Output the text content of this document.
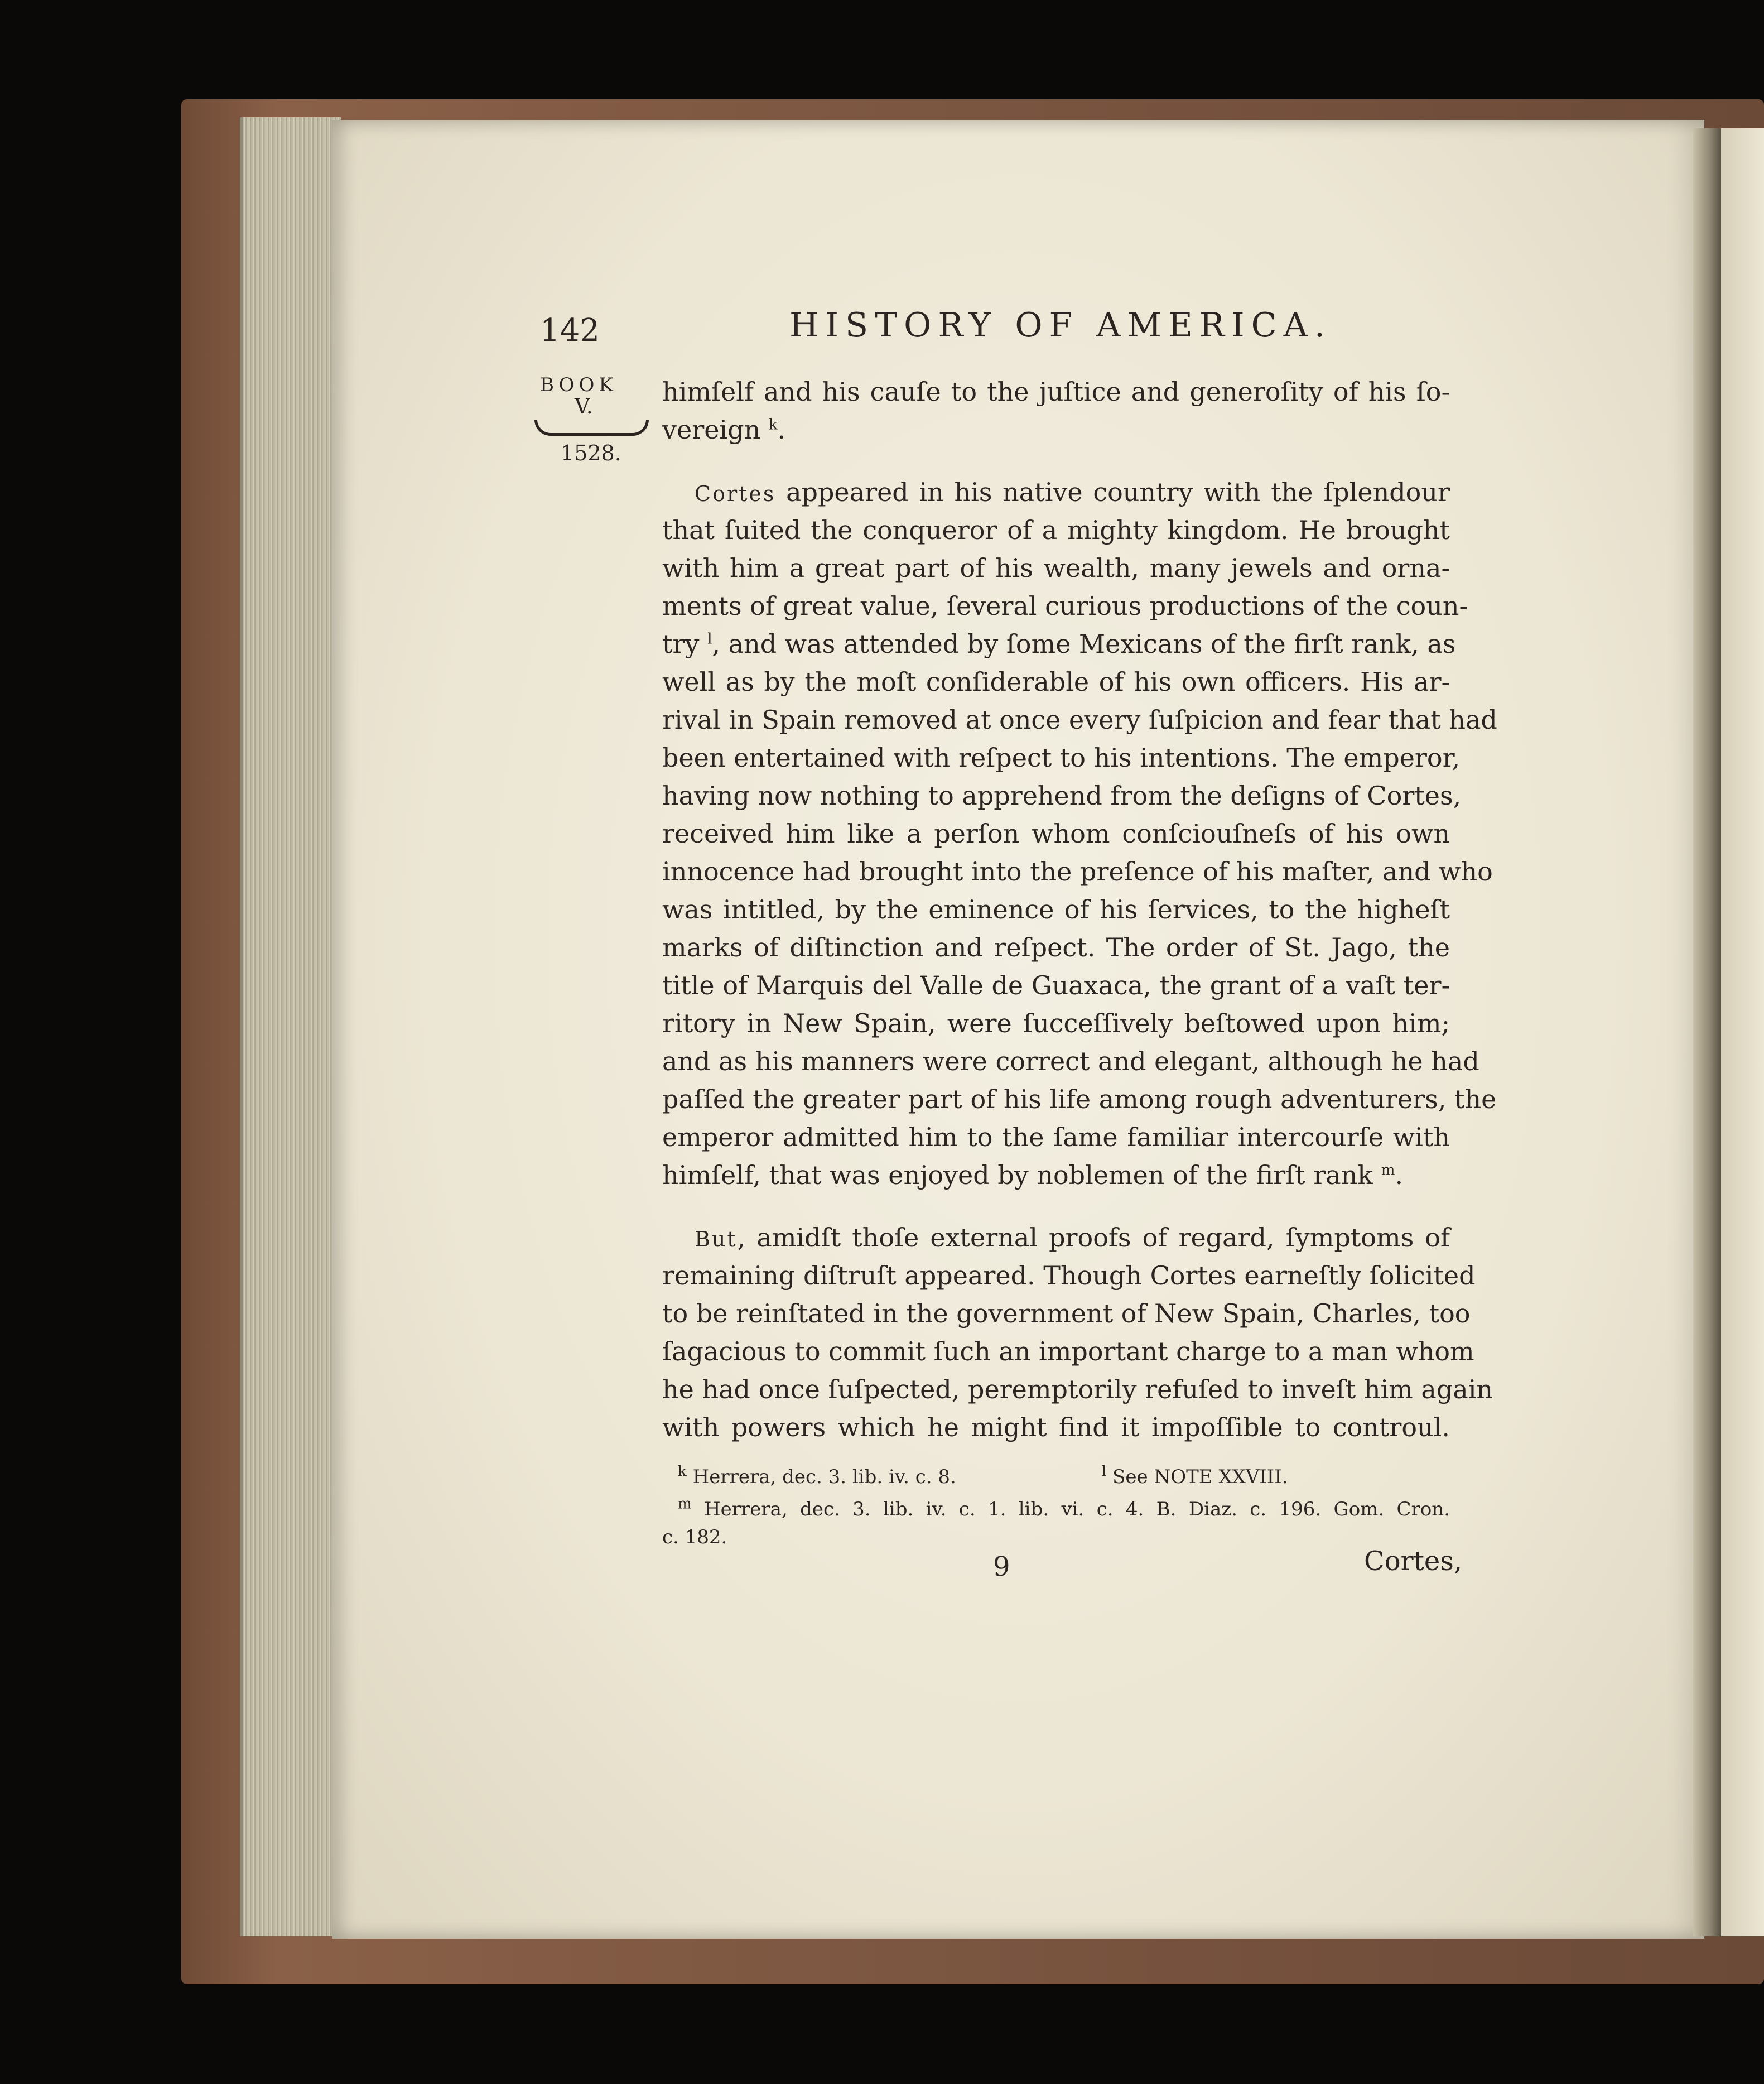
142	HISTORY OF AMERICA.
BOOK
V.
1528.
himſelf and his cauſe to the juſtice and generoſity of his ſo-
vereign $^k$.
Cortes appeared in his native country with the ſplendour
that ſuited the conqueror of a mighty kingdom. He brought
with him a great part of his wealth, many jewels and orna-
ments of great value, ſeveral curious productions of the coun-
try $^l$, and was attended by ſome Mexicans of the firſt rank, as
well as by the moſt conſiderable of his own officers. His ar-
rival in Spain removed at once every ſuſpicion and fear that had
been entertained with reſpect to his intentions. The emperor,
having now nothing to apprehend from the deſigns of Cortes,
received him like a perſon whom conſciouſneſs of his own
innocence had brought into the preſence of his maſter, and who
was intitled, by the eminence of his ſervices, to the higheſt
marks of diſtinction and reſpect. The order of St. Jago, the
title of Marquis del Valle de Guaxaca, the grant of a vaſt ter-
ritory in New Spain, were ſucceſſively beſtowed upon him;
and as his manners were correct and elegant, although he had
paſſed the greater part of his life among rough adventurers, the
emperor admitted him to the ſame familiar intercourſe with
himſelf, that was enjoyed by noblemen of the firſt rank $^m$.
But, amidſt thoſe external proofs of regard, ſymptoms of
remaining diſtruſt appeared. Though Cortes earneſtly ſolicited
to be reinſtated in the government of New Spain, Charles, too
ſagacious to commit ſuch an important charge to a man whom
he had once ſuſpected, peremptorily refuſed to inveſt him again
with powers which he might find it impoſſible to controul.
$^k$ Herrera, dec. 3. lib. iv. c. 8.	$^l$ See NOTE XXVIII.
$^m$ Herrera, dec. 3. lib. iv. c. 1. lib. vi. c. 4. B. Diaz. c. 196. Gom. Cron.
c. 182.
9	Cortes,
